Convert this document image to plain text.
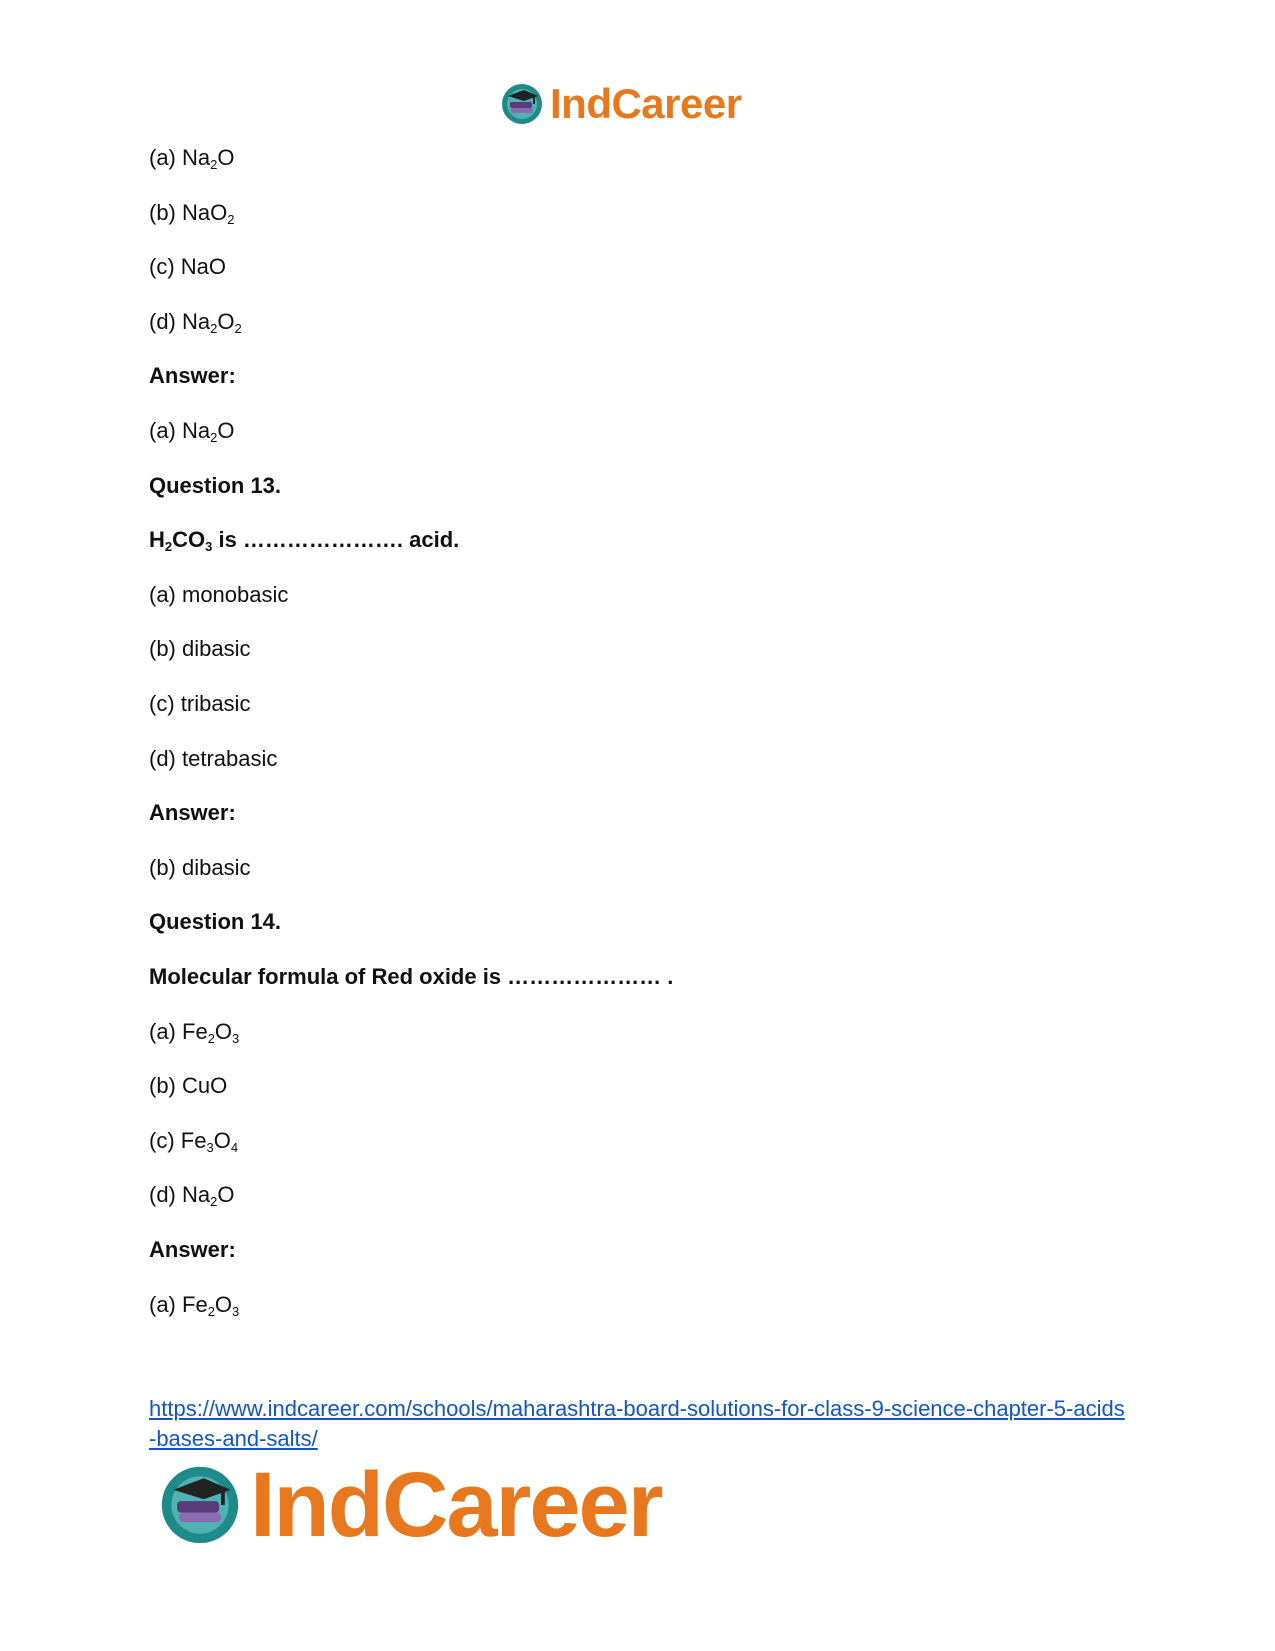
IndCareer
(a) $Na_2O$
(b) NaO$_2$
(c) NaO
(d) $Na_2O_2$
Answer:
(a) $Na_2O$
Question 13.
$H_2CO_3$ is …………………. acid.
(a) monobasic
(b) dibasic
(c) tribasic
(d) tetrabasic
Answer:
(b) dibasic
Question 14.
Molecular formula of Red oxide is ………………… .
(a) $Fe_2O_3$
(b) CuO
(c) $Fe_3O_4$
(d) $Na_2O$
Answer:
(a) $Fe_2O_3$
https://www.indcareer.com/schools/maharashtra-board-solutions-for-class-9-science-chapter-5-acids-bases-and-salts/
IndCareer
